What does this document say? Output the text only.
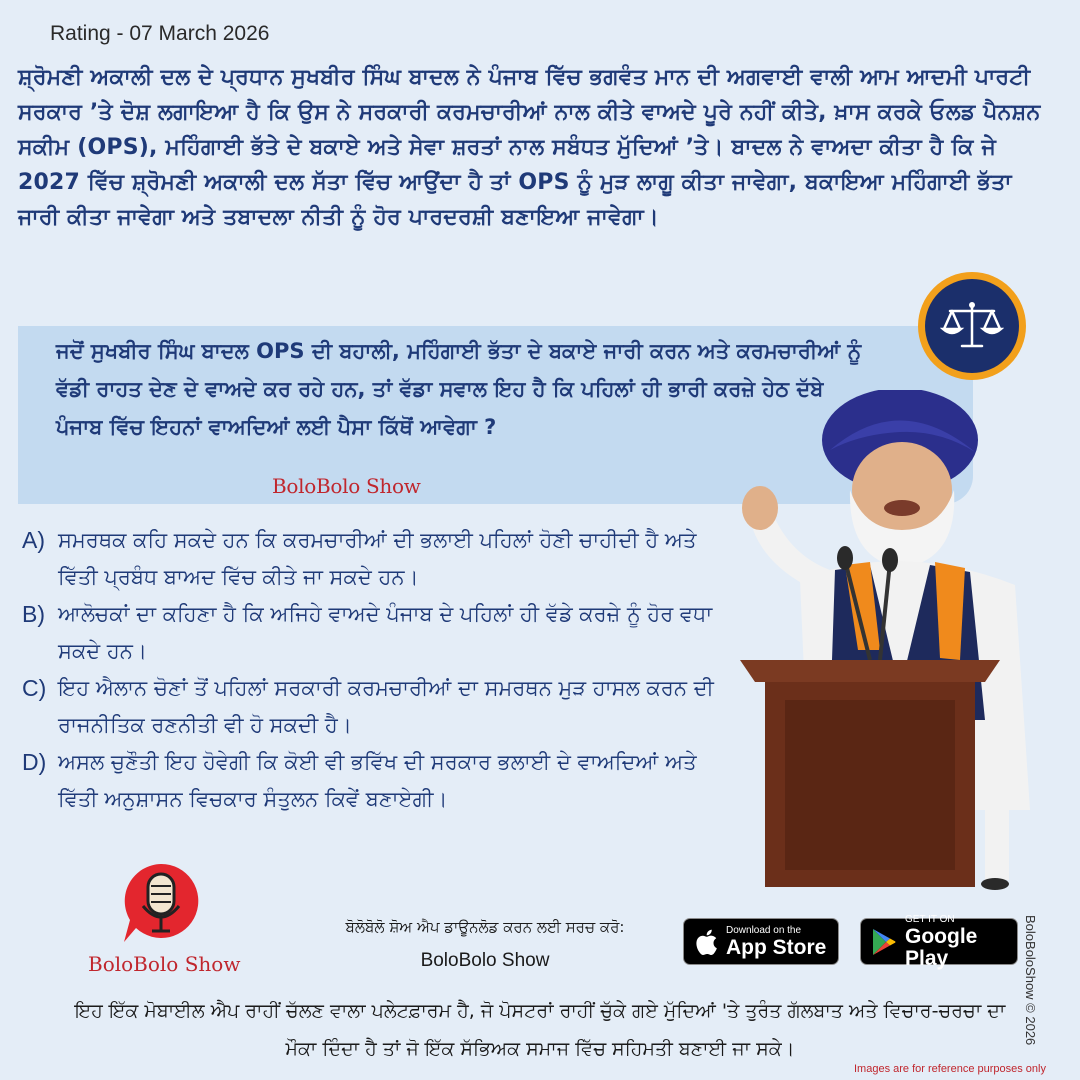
Rating - 07 March 2026
ਸ਼੍ਰੋਮਣੀ ਅਕਾਲੀ ਦਲ ਦੇ ਪ੍ਰਧਾਨ ਸੁਖਬੀਰ ਸਿੰਘ ਬਾਦਲ ਨੇ ਪੰਜਾਬ ਵਿੱਚ ਭਗਵੰਤ ਮਾਨ ਦੀ ਅਗਵਾਈ ਵਾਲੀ ਆਮ ਆਦਮੀ ਪਾਰਟੀ ਸਰਕਾਰ ’ਤੇ ਦੋਸ਼ ਲਗਾਇਆ ਹੈ ਕਿ ਉਸ ਨੇ ਸਰਕਾਰੀ ਕਰਮਚਾਰੀਆਂ ਨਾਲ ਕੀਤੇ ਵਾਅਦੇ ਪੂਰੇ ਨਹੀਂ ਕੀਤੇ, ਖ਼ਾਸ ਕਰਕੇ ਓਲਡ ਪੈਨਸ਼ਨ ਸਕੀਮ (OPS), ਮਹਿੰਗਾਈ ਭੱਤੇ ਦੇ ਬਕਾਏ ਅਤੇ ਸੇਵਾ ਸ਼ਰਤਾਂ ਨਾਲ ਸਬੰਧਤ ਮੁੱਦਿਆਂ ’ਤੇ। ਬਾਦਲ ਨੇ ਵਾਅਦਾ ਕੀਤਾ ਹੈ ਕਿ ਜੇ 2027 ਵਿੱਚ ਸ਼੍ਰੋਮਣੀ ਅਕਾਲੀ ਦਲ ਸੱਤਾ ਵਿੱਚ ਆਉਂਦਾ ਹੈ ਤਾਂ OPS ਨੂੰ ਮੁੜ ਲਾਗੂ ਕੀਤਾ ਜਾਵੇਗਾ, ਬਕਾਇਆ ਮਹਿੰਗਾਈ ਭੱਤਾ ਜਾਰੀ ਕੀਤਾ ਜਾਵੇਗਾ ਅਤੇ ਤਬਾਦਲਾ ਨੀਤੀ ਨੂੰ ਹੋਰ ਪਾਰਦਰਸ਼ੀ ਬਣਾਇਆ ਜਾਵੇਗਾ।
ਜਦੋਂ ਸੁਖਬੀਰ ਸਿੰਘ ਬਾਦਲ OPS ਦੀ ਬਹਾਲੀ, ਮਹਿੰਗਾਈ ਭੱਤਾ ਦੇ ਬਕਾਏ ਜਾਰੀ ਕਰਨ ਅਤੇ ਕਰਮਚਾਰੀਆਂ ਨੂੰ ਵੱਡੀ ਰਾਹਤ ਦੇਣ ਦੇ ਵਾਅਦੇ ਕਰ ਰਹੇ ਹਨ, ਤਾਂ ਵੱਡਾ ਸਵਾਲ ਇਹ ਹੈ ਕਿ ਪਹਿਲਾਂ ਹੀ ਭਾਰੀ ਕਰਜ਼ੇ ਹੇਠ ਦੱਬੇ ਪੰਜਾਬ ਵਿੱਚ ਇਹਨਾਂ ਵਾਅਦਿਆਂ ਲਈ ਪੈਸਾ ਕਿੱਥੋਂ ਆਵੇਗਾ ?
BoloBolo Show
A) ਸਮਰਥਕ ਕਹਿ ਸਕਦੇ ਹਨ ਕਿ ਕਰਮਚਾਰੀਆਂ ਦੀ ਭਲਾਈ ਪਹਿਲਾਂ ਹੋਣੀ ਚਾਹੀਦੀ ਹੈ ਅਤੇ ਵਿੱਤੀ ਪ੍ਰਬੰਧ ਬਾਅਦ ਵਿੱਚ ਕੀਤੇ ਜਾ ਸਕਦੇ ਹਨ।
B) ਆਲੋਚਕਾਂ ਦਾ ਕਹਿਣਾ ਹੈ ਕਿ ਅਜਿਹੇ ਵਾਅਦੇ ਪੰਜਾਬ ਦੇ ਪਹਿਲਾਂ ਹੀ ਵੱਡੇ ਕਰਜ਼ੇ ਨੂੰ ਹੋਰ ਵਧਾ ਸਕਦੇ ਹਨ।
C) ਇਹ ਐਲਾਨ ਚੋਣਾਂ ਤੋਂ ਪਹਿਲਾਂ ਸਰਕਾਰੀ ਕਰਮਚਾਰੀਆਂ ਦਾ ਸਮਰਥਨ ਮੁੜ ਹਾਸਲ ਕਰਨ ਦੀ ਰਾਜਨੀਤਿਕ ਰਣਨੀਤੀ ਵੀ ਹੋ ਸਕਦੀ ਹੈ।
D) ਅਸਲ ਚੁਣੌਤੀ ਇਹ ਹੋਵੇਗੀ ਕਿ ਕੋਈ ਵੀ ਭਵਿੱਖ ਦੀ ਸਰਕਾਰ ਭਲਾਈ ਦੇ ਵਾਅਦਿਆਂ ਅਤੇ ਵਿੱਤੀ ਅਨੁਸ਼ਾਸਨ ਵਿਚਕਾਰ ਸੰਤੁਲਨ ਕਿਵੇਂ ਬਣਾਏਗੀ।
BoloBolo Show
ਬੋਲੋਬੋਲੋ ਸ਼ੋਅ ਐਪ ਡਾਊਨਲੋਡ ਕਰਨ ਲਈ ਸਰਚ ਕਰੋ:
BoloBolo Show
Download on the
App Store
GET IT ON
Google Play
ਇਹ ਇੱਕ ਮੋਬਾਈਲ ਐਪ ਰਾਹੀਂ ਚੱਲਣ ਵਾਲਾ ਪਲੇਟਫ਼ਾਰਮ ਹੈ, ਜੋ ਪੋਸਟਰਾਂ ਰਾਹੀਂ ਚੁੱਕੇ ਗਏ ਮੁੱਦਿਆਂ 'ਤੇ ਤੁਰੰਤ ਗੱਲਬਾਤ ਅਤੇ ਵਿਚਾਰ-ਚਰਚਾ ਦਾ ਮੌਕਾ ਦਿੰਦਾ ਹੈ ਤਾਂ ਜੋ ਇੱਕ ਸੱਭਿਅਕ ਸਮਾਜ ਵਿੱਚ ਸਹਿਮਤੀ ਬਣਾਈ ਜਾ ਸਕੇ।
BoloBoloShow © 2026
Images are for reference purposes only
